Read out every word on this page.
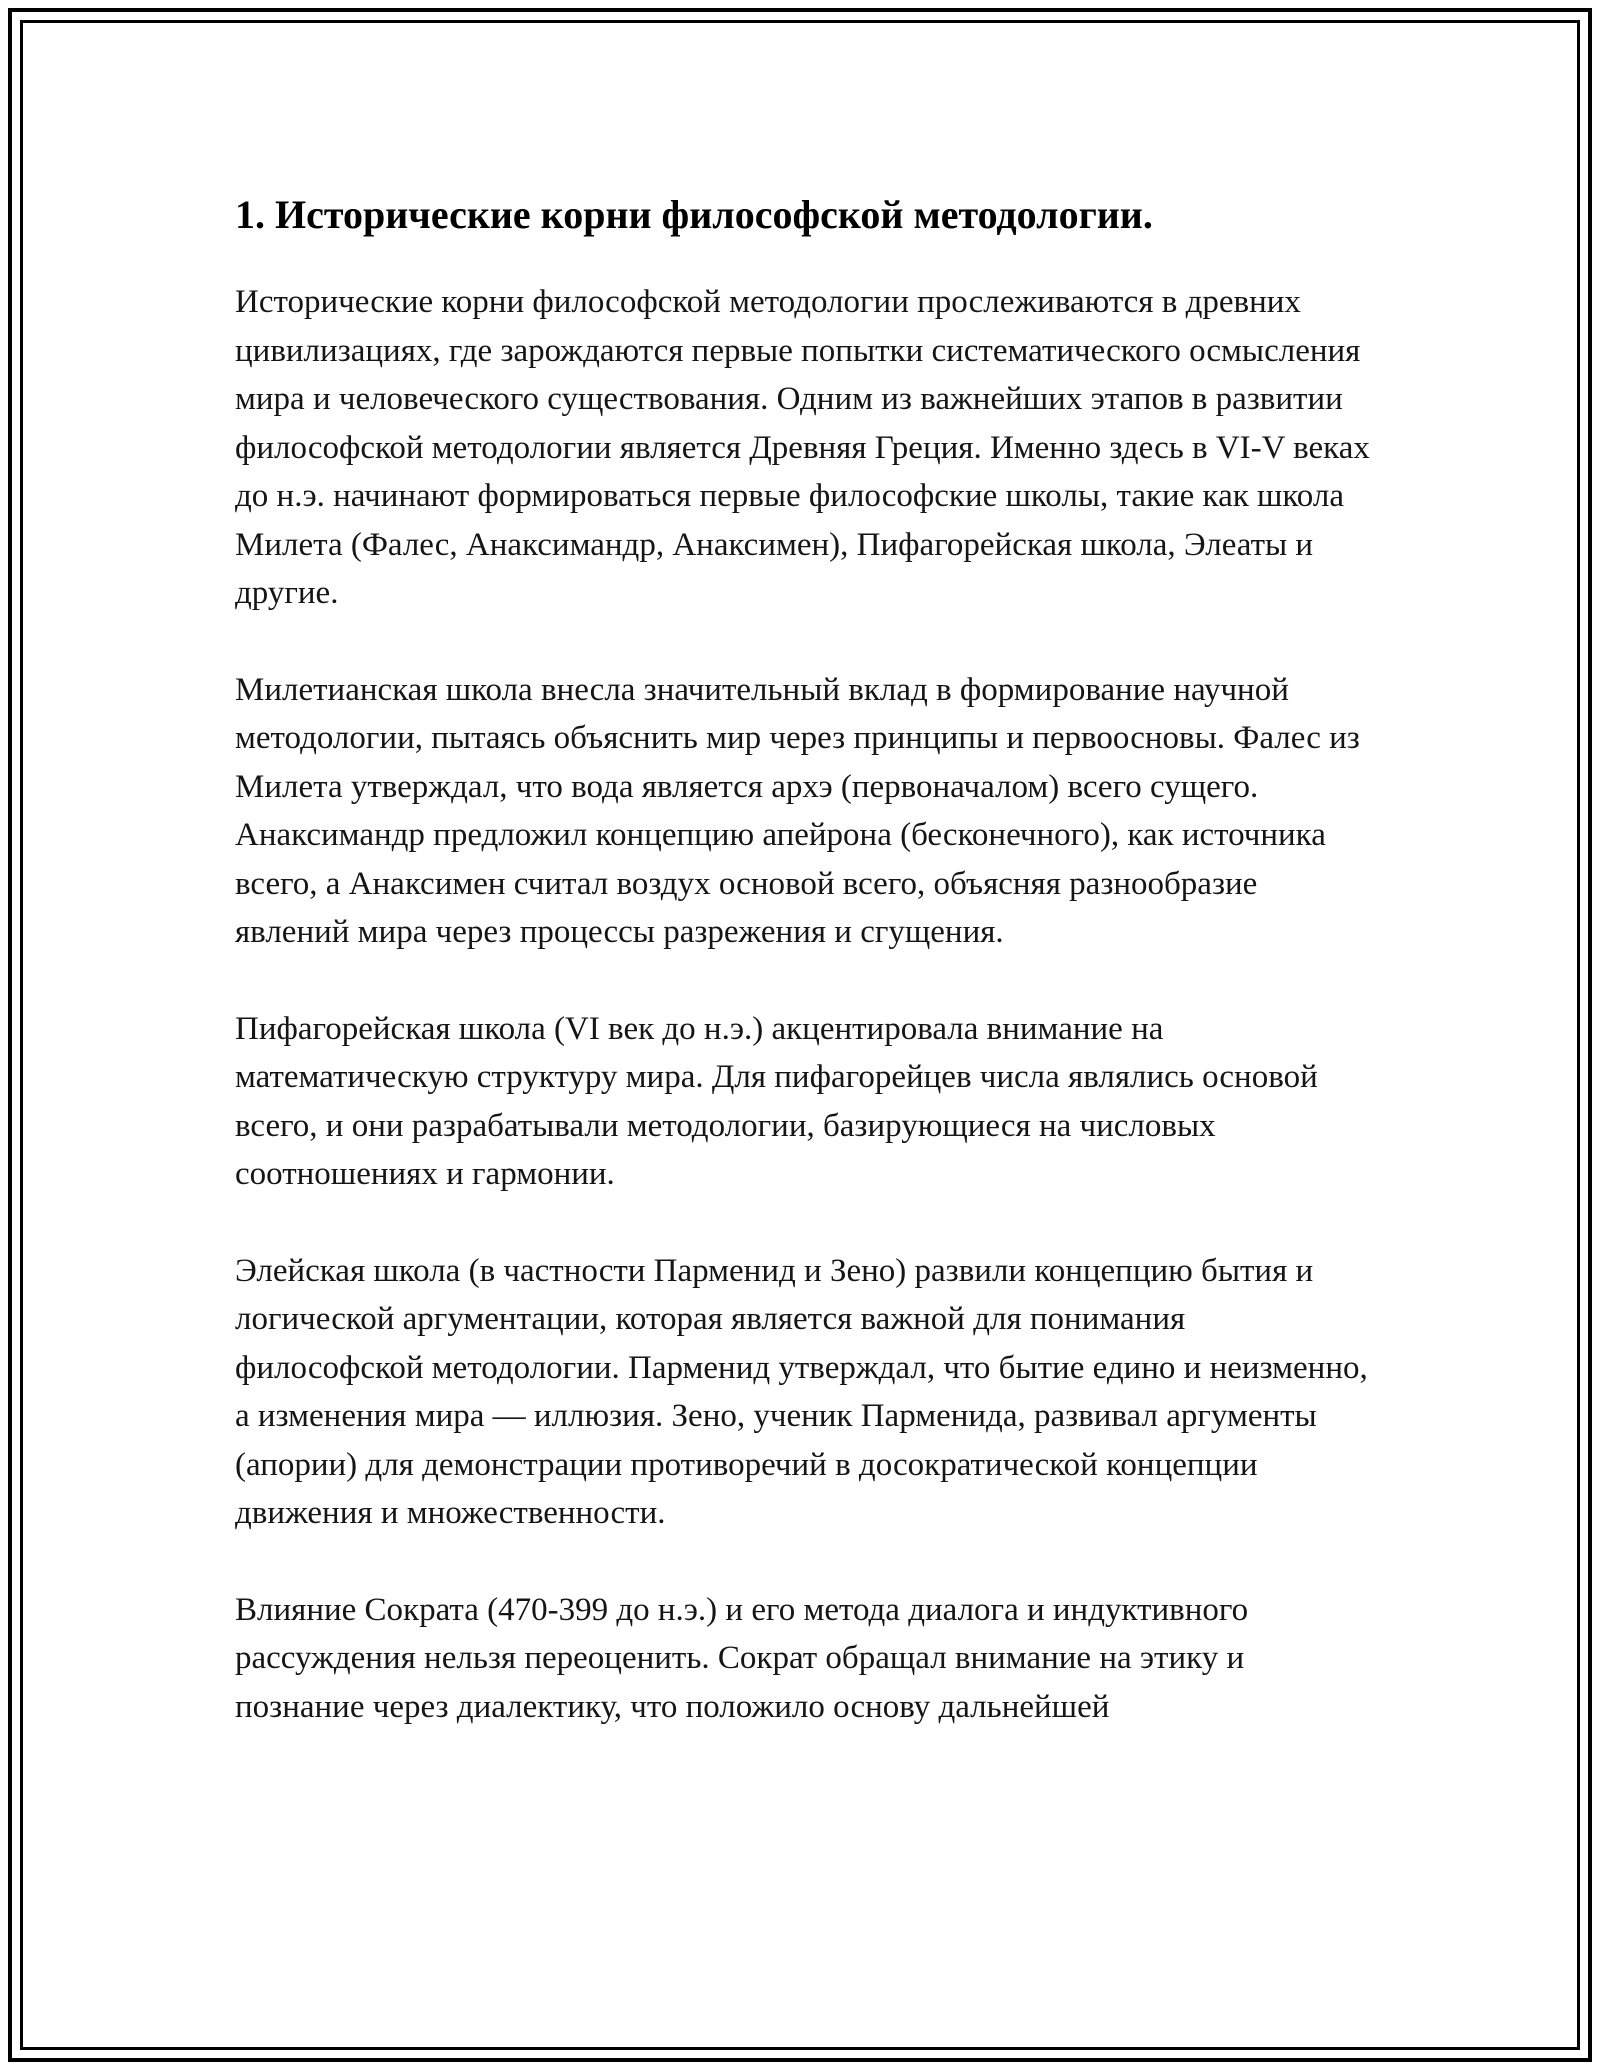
1. Исторические корни философской методологии.

Исторические корни философской методологии прослеживаются в древних цивилизациях, где зарождаются первые попытки систематического осмысления мира и человеческого существования. Одним из важнейших этапов в развитии философской методологии является Древняя Греция. Именно здесь в VI-V веках до н.э. начинают формироваться первые философские школы, такие как школа Милета (Фалес, Анаксимандр, Анаксимен), Пифагорейская школа, Элеаты и другие.

Милетианская школа внесла значительный вклад в формирование научной методологии, пытаясь объяснить мир через принципы и первоосновы. Фалес из Милета утверждал, что вода является архэ (первоначалом) всего сущего. Анаксимандр предложил концепцию апейрона (бесконечного), как источника всего, а Анаксимен считал воздух основой всего, объясняя разнообразие явлений мира через процессы разрежения и сгущения.

Пифагорейская школа (VI век до н.э.) акцентировала внимание на математическую структуру мира. Для пифагорейцев числа являлись основой всего, и они разрабатывали методологии, базирующиеся на числовых соотношениях и гармонии.

Элейская школа (в частности Парменид и Зено) развили концепцию бытия и логической аргументации, которая является важной для понимания философской методологии. Парменид утверждал, что бытие едино и неизменно, а изменения мира — иллюзия. Зено, ученик Парменида, развивал аргументы (апории) для демонстрации противоречий в досократической концепции движения и множественности.

Влияние Сократа (470-399 до н.э.) и его метода диалога и индуктивного рассуждения нельзя переоценить. Сократ обращал внимание на этику и познание через диалектику, что положило основу дальнейшей
